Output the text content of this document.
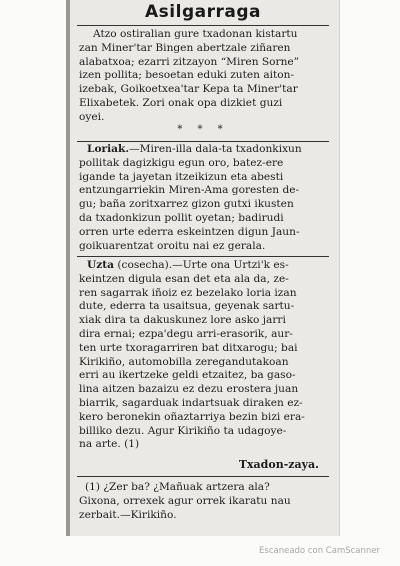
Asilgarraga
Atzo ostiralian gure txadonan kistartu
zan Miner'tar Bingen abertzale ziñaren
alabatxoa; ezarri zitzayon “Miren Sorne”
izen pollita; besoetan eduki zuten aiton-
izebak, Goikoetxea'tar Kepa ta Miner'tar
Elixabetek. Zori onak opa dizkiet guzi
oyei.
* * *
Loriak.—Miren-illa dala-ta txadonkixun
pollitak dagizkigu egun oro, batez-ere
igande ta jayetan itzeikizun eta abesti
entzungarriekin Miren-Ama goresten de-
gu; baña zoritxarrez gizon gutxi ikusten
da txadonkizun pollit oyetan; badirudi
orren urte ederra eskeintzen digun Jaun-
goikuarentzat oroitu nai ez gerala.
Uzta (cosecha).—Urte ona Urtzi'k es-
keintzen digula esan det eta ala da, ze-
ren sagarrak iñoiz ez bezelako loria izan
dute, ederra ta usaitsua, geyenak sartu-
xiak dira ta dakuskunez lore asko jarri
dira ernai; ezpa'degu arri-erasorik, aur-
ten urte txoragarriren bat ditxarogu; bai
Kirikiño, automobilla zeregandutakoan
erri au ikertzeke geldi etzaitez, ba gaso-
lina aitzen bazaizu ez dezu erostera juan
biarrik, sagarduak indartsuak diraken ez-
kero beronekin oñaztarriya bezin bizi era-
billiko dezu. Agur Kirikiño ta udagoye-
na arte. (1)
Txadon-zaya.
(1) ¿Zer ba? ¿Mañuak artzera ala?
Gixona, orrexek agur orrek ikaratu nau
zerbait.—Kirikiño.
Escaneado con CamScanner
